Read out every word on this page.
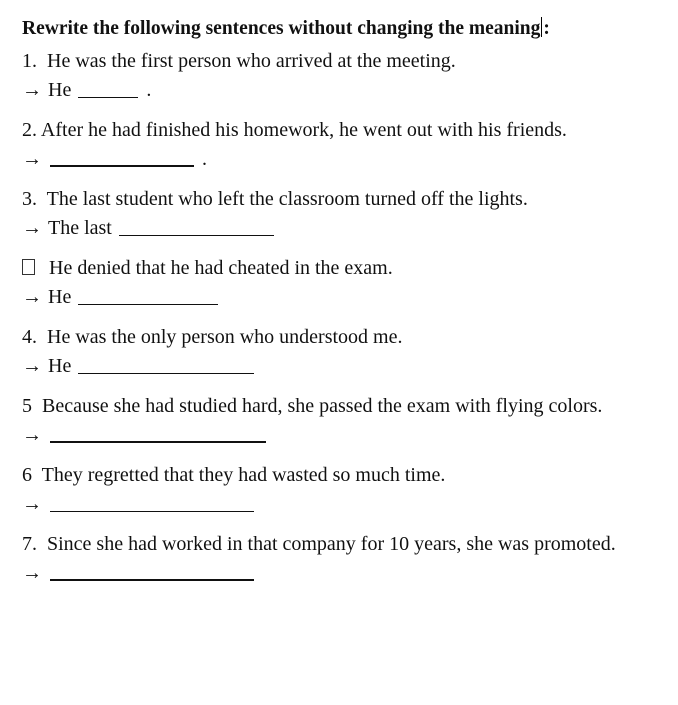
Rewrite the following sentences without changing the meaning :
1. He was the first person who arrived at the meeting.
→ He	.
2. After he had finished his homework, he went out with his friends.
→	.
3. The last student who left the classroom turned off the lights.
→ The last
He denied that he had cheated in the exam.
→ He
4. He was the only person who understood me.
→ He
5 Because she had studied hard, she passed the exam with flying colors.
→
6 They regretted that they had wasted so much time.
→
7. Since she had worked in that company for 10 years, she was promoted.
→
